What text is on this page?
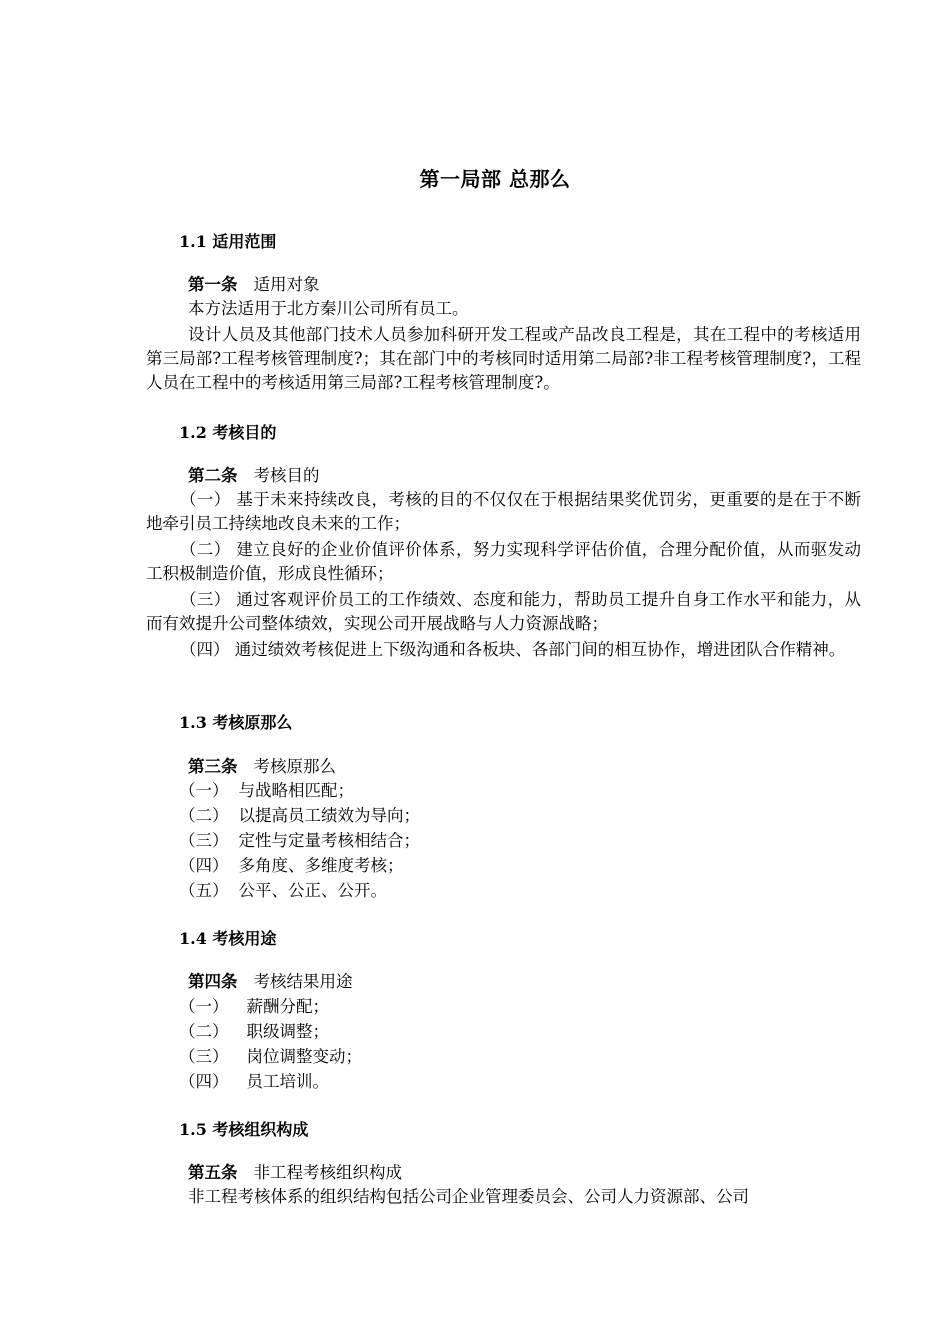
第一局部 总那么
1.1 适用范围
第一条 适用对象
本方法适用于北方秦川公司所有员工。
设计人员及其他部门技术人员参加科研开发工程或产品改良工程是，其在工程中的考核适用第三局部?工程考核管理制度?；其在部门中的考核同时适用第二局部?非工程考核管理制度?，工程人员在工程中的考核适用第三局部?工程考核管理制度?。
1.2 考核目的
第二条 考核目的
（一） 基于未来持续改良，考核的目的不仅仅在于根据结果奖优罚劣，更重要的是在于不断地牵引员工持续地改良未来的工作；
（二） 建立良好的企业价值评价体系，努力实现科学评估价值，合理分配价值，从而驱发动工积极制造价值，形成良性循环；
（三） 通过客观评价员工的工作绩效、态度和能力，帮助员工提升自身工作水平和能力，从而有效提升公司整体绩效，实现公司开展战略与人力资源战略；
（四） 通过绩效考核促进上下级沟通和各板块、各部门间的相互协作，增进团队合作精神。
1.3 考核原那么
第三条 考核原那么
（一） 与战略相匹配；
（二） 以提高员工绩效为导向；
（三） 定性与定量考核相结合；
（四） 多角度、多维度考核；
（五） 公平、公正、公开。
1.4 考核用途
第四条 考核结果用途
（一） 薪酬分配；
（二） 职级调整；
（三） 岗位调整变动；
（四） 员工培训。
1.5 考核组织构成
第五条 非工程考核组织构成
非工程考核体系的组织结构包括公司企业管理委员会、公司人力资源部、公司
